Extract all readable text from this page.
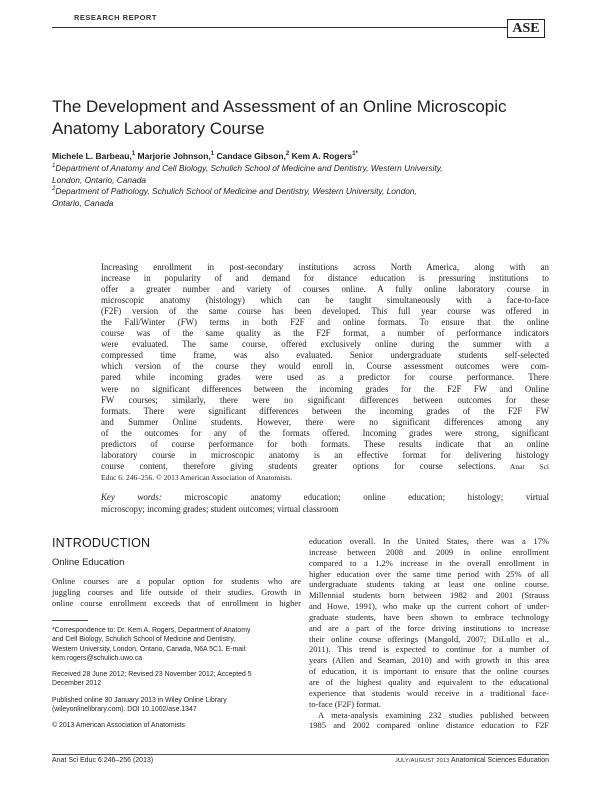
RESEARCH REPORT
ASE
The Development and Assessment of an Online Microscopic Anatomy Laboratory Course
Michele L. Barbeau,$^1$ Marjorie Johnson,$^1$ Candace Gibson,$^2$ Kem A. Rogers$^{1*}$
$^1$Department of Anatomy and Cell Biology, Schulich School of Medicine and Dentistry, Western University,
London, Ontario, Canada
$^2$Department of Pathology, Schulich School of Medicine and Dentistry, Western University, London,
Ontario, Canada
Increasing enrollment in post-secondary institutions across North America, along with an
increase in popularity of and demand for distance education is pressuring institutions to
offer a greater number and variety of courses online. A fully online laboratory course in
microscopic anatomy (histology) which can be taught simultaneously with a face-to-face
(F2F) version of the same course has been developed. This full year course was offered in
the Fall/Winter (FW) terms in both F2F and online formats. To ensure that the online
course was of the same quality as the F2F format, a number of performance indicators
were evaluated. The same course, offered exclusively online during the summer with a
compressed time frame, was also evaluated. Senior undergraduate students self-selected
which version of the course they would enroll in. Course assessment outcomes were com-
pared while incoming grades were used as a predictor for course performance. There
were no significant differences between the incoming grades for the F2F FW and Online
FW courses; similarly, there were no significant differences between outcomes for these
formats. There were significant differences between the incoming grades of the F2F FW
and Summer Online students. However, there were no significant differences among any
of the outcomes for any of the formats offered. Incoming grades were strong, significant
predictors of course performance for both formats. These results indicate that an online
laboratory course in microscopic anatomy is an effective format for delivering histology
course content, therefore giving students greater options for course selections. Anat Sci
Educ 6: 246–256. © 2013 American Association of Anatomists.
Key words: microscopic anatomy education; online education; histology; virtual
microscopy; incoming grades; student outcomes; virtual classroom
INTRODUCTION
Online Education
Online courses are a popular option for students who are
juggling courses and life outside of their studies. Growth in
online course enrollment exceeds that of enrollment in higher
*Correspondence to: Dr. Kem A. Rogers, Department of Anatomy
and Cell Biology, Schulich School of Medicine and Dentistry,
Western University, London, Ontario, Canada, N6A 5C1. E-mail:
kem.rogers@schulich.uwo.ca
Received 28 June 2012; Revised 23 November 2012; Accepted 5
December 2012
Published online 30 January 2013 in Wiley Online Library
(wileyonlinelibrary.com). DOI 10.1002/ase.1347
© 2013 American Association of Anatomists
education overall. In the United States, there was a 17%
increase between 2008 and 2009 in online enrollment
compared to a 1.2% increase in the overall enrollment in
higher education over the same time period with 25% of all
undergraduate students taking at least one online course.
Millennial students born between 1982 and 2001 (Strauss
and Howe, 1991), who make up the current cohort of under-
graduate students, have been shown to embrace technology
and are a part of the force driving institutions to increase
their online course offerings (Mangold, 2007; DiLullo et al.,
2011). This trend is expected to continue for a number of
years (Allen and Seaman, 2010) and with growth in this area
of education, it is important to ensure that the online courses
are of the highest quality and equivalent to the educational
experience that students would receive in a traditional face-
to-face (F2F) format.
A meta-analysis examining 232 studies published between
1985 and 2002 compared online distance education to F2F
Anat Sci Educ 6:246–256 (2013)	JULY/AUGUST 2013 Anatomical Sciences Education
